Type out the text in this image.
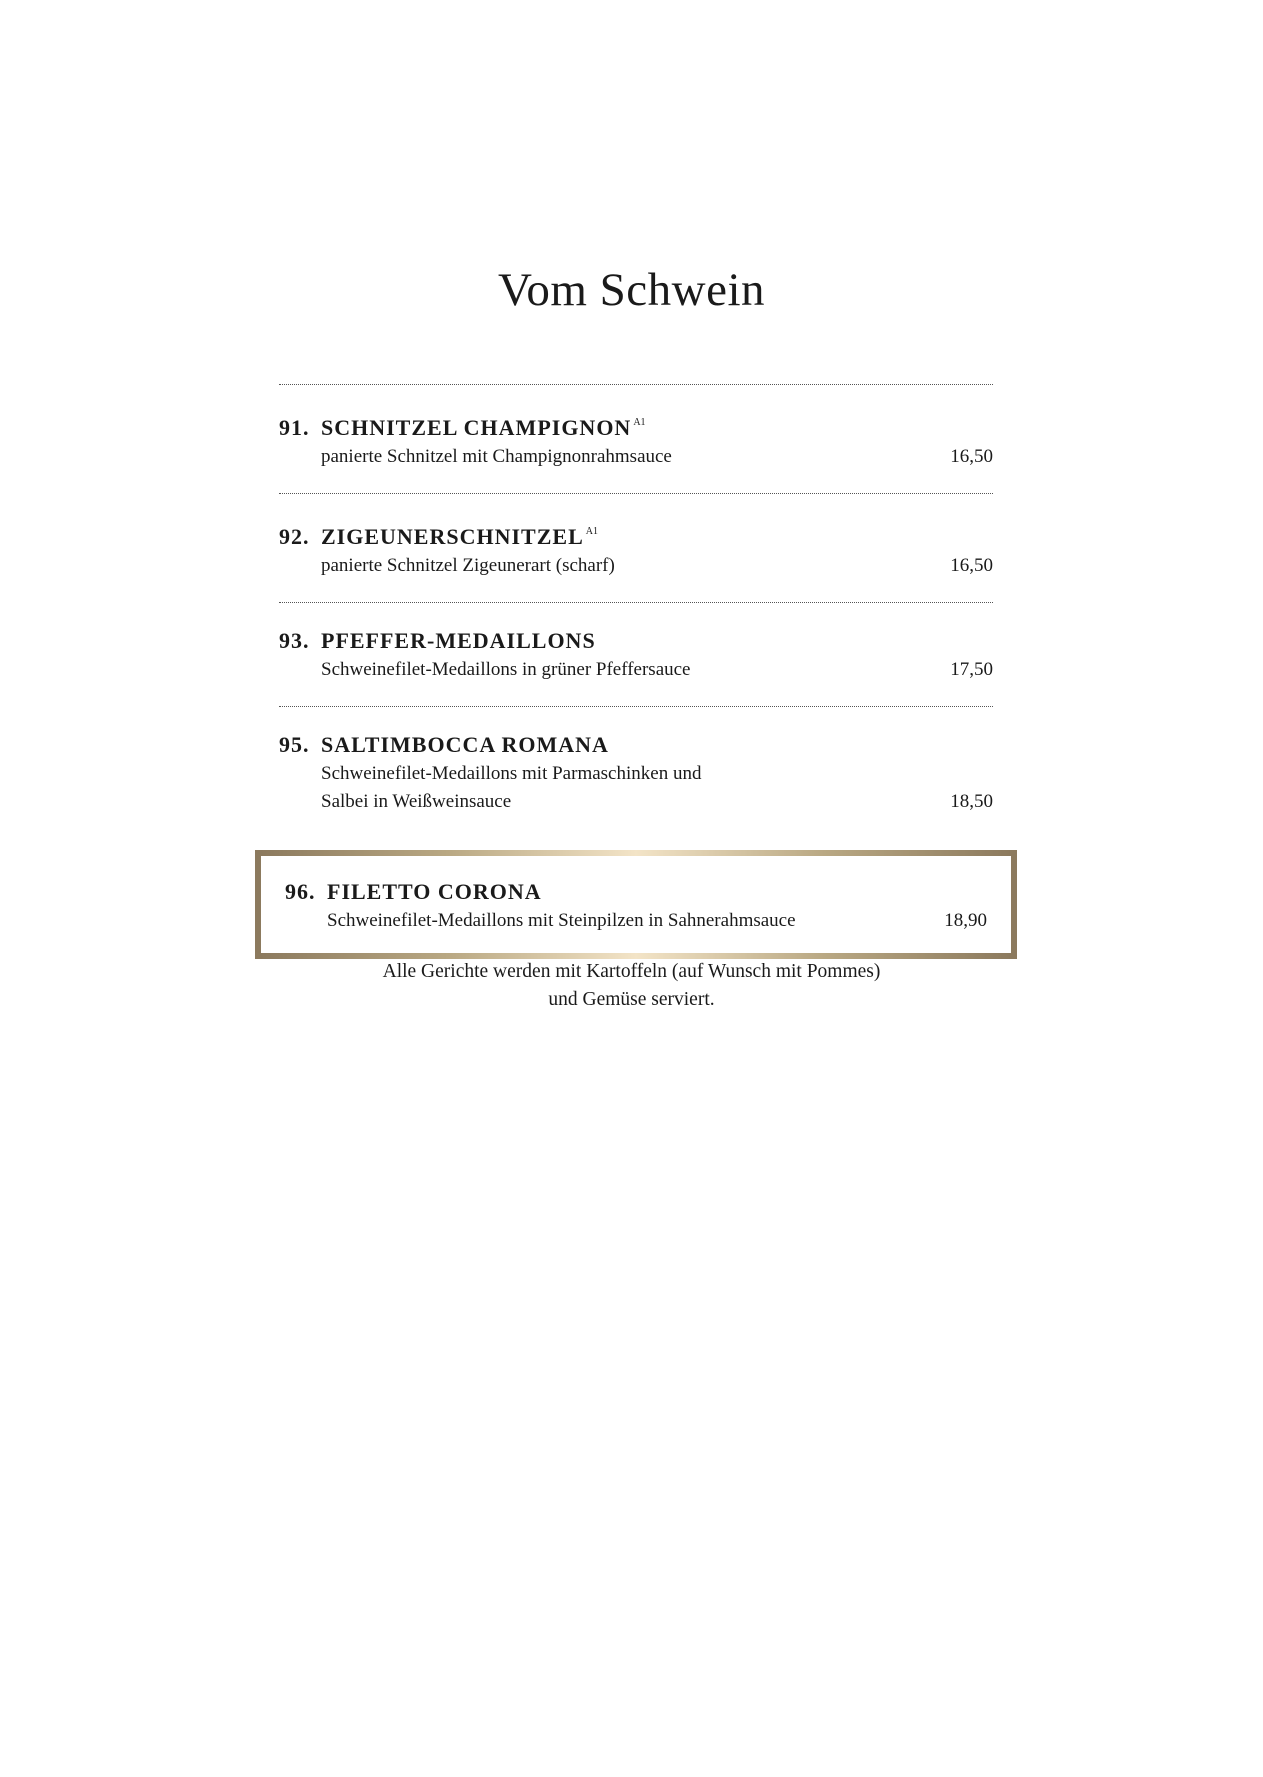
Vom Schwein
91. SCHNITZEL CHAMPIGNON $^{A1}$
panierte Schnitzel mit Champignonrahmsauce	16,50
92. ZIGEUNERSCHNITZEL $^{A1}$
panierte Schnitzel Zigeunerart (scharf)	16,50
93. PFEFFER-MEDAILLONS
Schweinefilet-Medaillons in grüner Pfeffersauce	17,50
95. SALTIMBOCCA ROMANA
Schweinefilet-Medaillons mit Parmaschinken und
Salbei in Weißweinsauce	18,50
96. FILETTO CORONA
Schweinefilet-Medaillons mit Steinpilzen in Sahnerahmsauce	18,90
Alle Gerichte werden mit Kartoffeln (auf Wunsch mit Pommes)
und Gemüse serviert.
